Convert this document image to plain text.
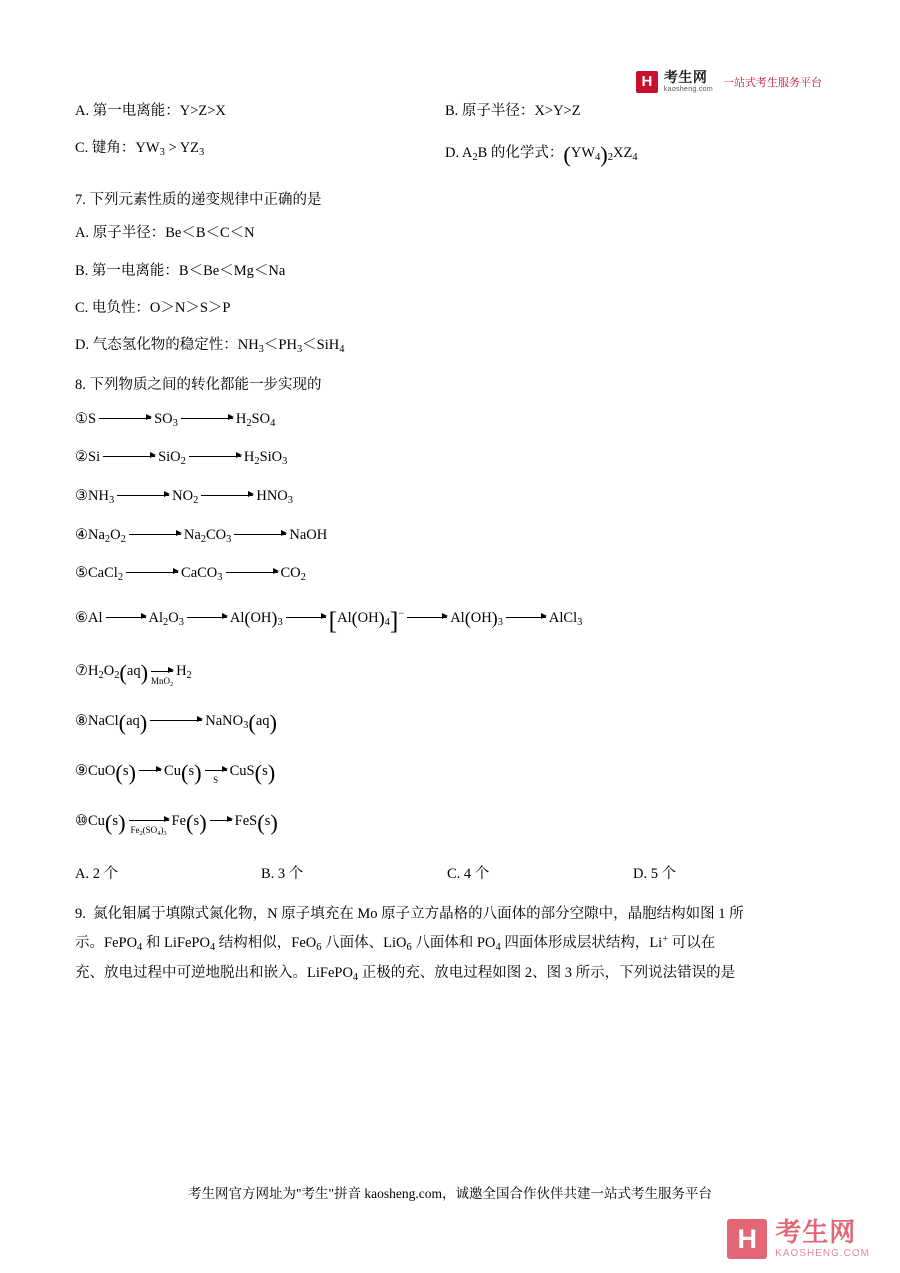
H 考生网
kaosheng.com
一站式考生服务平台
A. 第一电离能：Y>Z>X	B. 原子半径：X>Y>Z
C. 键角：$YW_3 > YZ_3$	D. $A_2B$ 的化学式：$(YW_4)_2XZ_4$
7. 下列元素性质的递变规律中正确的是
A. 原子半径：Be＜B＜C＜N
B. 第一电离能：B＜Be＜Mg＜Na
C. 电负性：O＞N＞S＞P
D. 气态氢化物的稳定性：$NH_3<PH_3<SiH_4$
8. 下列物质之间的转化都能一步实现的
①S	$SO_3$	$H_2SO_4$
②Si	SiO$_2$	$H_2SiO_3$
$③NH_3$	$NO_2$	$HNO_3$
$④Na_2O_2$	$Na_2CO_3$	NaOH
⑤CaCl$_2$	CaCO$_3$	$CO_2$
⑥Al	$Al_2O_3$	$Al(OH)_3$ $[Al(OH)_4]^-$	$Al(OH)_3$	AlCl$_3$
$⑦H_2O_2(aq)$ MnO$_2$
$H_2$
⑧NaCl(aq)	NaNO$_3$(aq)
⑨CuO(s) Cu(s) S
CuS(s)
⑩Cu(s) $Fe_2(SO_4)_3$
Fe(s) FeS(s)
A. 2 个	B. 3 个	C. 4 个	D. 5 个
9. 氮化钼属于填隙式氮化物，N 原子填充在 Mo 原子立方晶格的八面体的部分空隙中，晶胞结构如图 1 所
示。FePO$_4$ 和 LiFePO$_4$ 结构相似，FeO$_6$ 八面体、LiO$_6$ 八面体和 $PO_4$ 四面体形成层状结构，Li+ 可以在
充、放电过程中可逆地脱出和嵌入。LiFePO$_4$ 正极的充、放电过程如图 2、图 3 所示，下列说法错误的是
考生网官方网址为"考生"拼音 kaosheng.com，诚邀全国合作伙伴共建一站式考生服务平台
H 考生网
KAOSHENG.COM
